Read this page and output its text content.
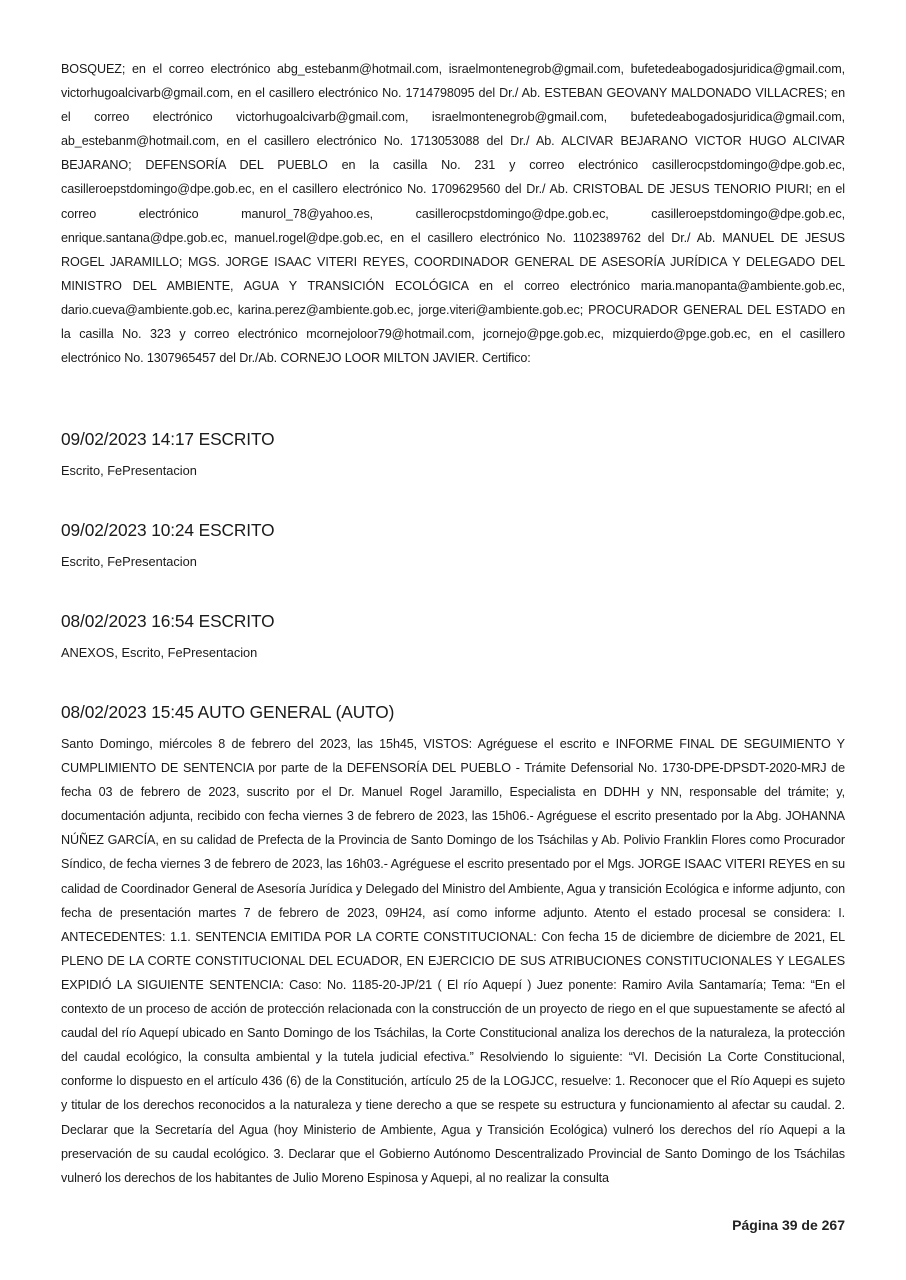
BOSQUEZ; en el correo electrónico abg_estebanm@hotmail.com, israelmontenegrob@gmail.com, bufetedeabogadosjuridica@gmail.com, victorhugoalcivarb@gmail.com, en el casillero electrónico No. 1714798095 del Dr./ Ab. ESTEBAN GEOVANY MALDONADO VILLACRES; en el correo electrónico victorhugoalcivarb@gmail.com, israelmontenegrob@gmail.com, bufetedeabogadosjuridica@gmail.com, ab_estebanm@hotmail.com, en el casillero electrónico No. 1713053088 del Dr./ Ab. ALCIVAR BEJARANO VICTOR HUGO ALCIVAR BEJARANO; DEFENSORÍA DEL PUEBLO en la casilla No. 231 y correo electrónico casillerocpstdomingo@dpe.gob.ec, casilleroepstdomingo@dpe.gob.ec, en el casillero electrónico No. 1709629560 del Dr./ Ab. CRISTOBAL DE JESUS TENORIO PIURI; en el correo electrónico manurol_78@yahoo.es, casillerocpstdomingo@dpe.gob.ec, casilleroepstdomingo@dpe.gob.ec, enrique.santana@dpe.gob.ec, manuel.rogel@dpe.gob.ec, en el casillero electrónico No. 1102389762 del Dr./ Ab. MANUEL DE JESUS ROGEL JARAMILLO; MGS. JORGE ISAAC VITERI REYES, COORDINADOR GENERAL DE ASESORÍA JURÍDICA Y DELEGADO DEL MINISTRO DEL AMBIENTE, AGUA Y TRANSICIÓN ECOLÓGICA en el correo electrónico maria.manopanta@ambiente.gob.ec, dario.cueva@ambiente.gob.ec, karina.perez@ambiente.gob.ec, jorge.viteri@ambiente.gob.ec; PROCURADOR GENERAL DEL ESTADO en la casilla No. 323 y correo electrónico mcornejoloor79@hotmail.com, jcornejo@pge.gob.ec, mizquierdo@pge.gob.ec, en el casillero electrónico No. 1307965457 del Dr./Ab. CORNEJO LOOR MILTON JAVIER. Certifico:

09/02/2023 14:17 ESCRITO

Escrito, FePresentacion

09/02/2023 10:24 ESCRITO

Escrito, FePresentacion

08/02/2023 16:54 ESCRITO

ANEXOS, Escrito, FePresentacion

08/02/2023 15:45 AUTO GENERAL (AUTO)

Santo Domingo, miércoles 8 de febrero del 2023, las 15h45, VISTOS: Agréguese el escrito e INFORME FINAL DE SEGUIMIENTO Y CUMPLIMIENTO DE SENTENCIA por parte de la DEFENSORÍA DEL PUEBLO - Trámite Defensorial No. 1730-DPE-DPSDT-2020-MRJ de fecha 03 de febrero de 2023, suscrito por el Dr. Manuel Rogel Jaramillo, Especialista en DDHH y NN, responsable del trámite; y, documentación adjunta, recibido con fecha viernes 3 de febrero de 2023, las 15h06.- Agréguese el escrito presentado por la Abg. JOHANNA NÚÑEZ GARCÍA, en su calidad de Prefecta de la Provincia de Santo Domingo de los Tsáchilas y Ab. Polivio Franklin Flores como Procurador Síndico, de fecha viernes 3 de febrero de 2023, las 16h03.- Agréguese el escrito presentado por el Mgs. JORGE ISAAC VITERI REYES en su calidad de Coordinador General de Asesoría Jurídica y Delegado del Ministro del Ambiente, Agua y transición Ecológica e informe adjunto, con fecha de presentación martes 7 de febrero de 2023, 09H24, así como informe adjunto. Atento el estado procesal se considera: I. ANTECEDENTES: 1.1. SENTENCIA EMITIDA POR LA CORTE CONSTITUCIONAL: Con fecha 15 de diciembre de diciembre de 2021, EL PLENO DE LA CORTE CONSTITUCIONAL DEL ECUADOR, EN EJERCICIO DE SUS ATRIBUCIONES CONSTITUCIONALES Y LEGALES EXPIDIÓ LA SIGUIENTE SENTENCIA: Caso: No. 1185-20-JP/21 ( El río Aquepí ) Juez ponente: Ramiro Avila Santamaría; Tema: “En el contexto de un proceso de acción de protección relacionada con la construcción de un proyecto de riego en el que supuestamente se afectó al caudal del río Aquepí ubicado en Santo Domingo de los Tsáchilas, la Corte Constitucional analiza los derechos de la naturaleza, la protección del caudal ecológico, la consulta ambiental y la tutela judicial efectiva.” Resolviendo lo siguiente: “VI. Decisión La Corte Constitucional, conforme lo dispuesto en el artículo 436 (6) de la Constitución, artículo 25 de la LOGJCC, resuelve: 1. Reconocer que el Río Aquepi es sujeto y titular de los derechos reconocidos a la naturaleza y tiene derecho a que se respete su estructura y funcionamiento al afectar su caudal. 2. Declarar que la Secretaría del Agua (hoy Ministerio de Ambiente, Agua y Transición Ecológica) vulneró los derechos del río Aquepi a la preservación de su caudal ecológico. 3. Declarar que el Gobierno Autónomo Descentralizado Provincial de Santo Domingo de los Tsáchilas vulneró los derechos de los habitantes de Julio Moreno Espinosa y Aquepi, al no realizar la consulta

Página 39 de 267
